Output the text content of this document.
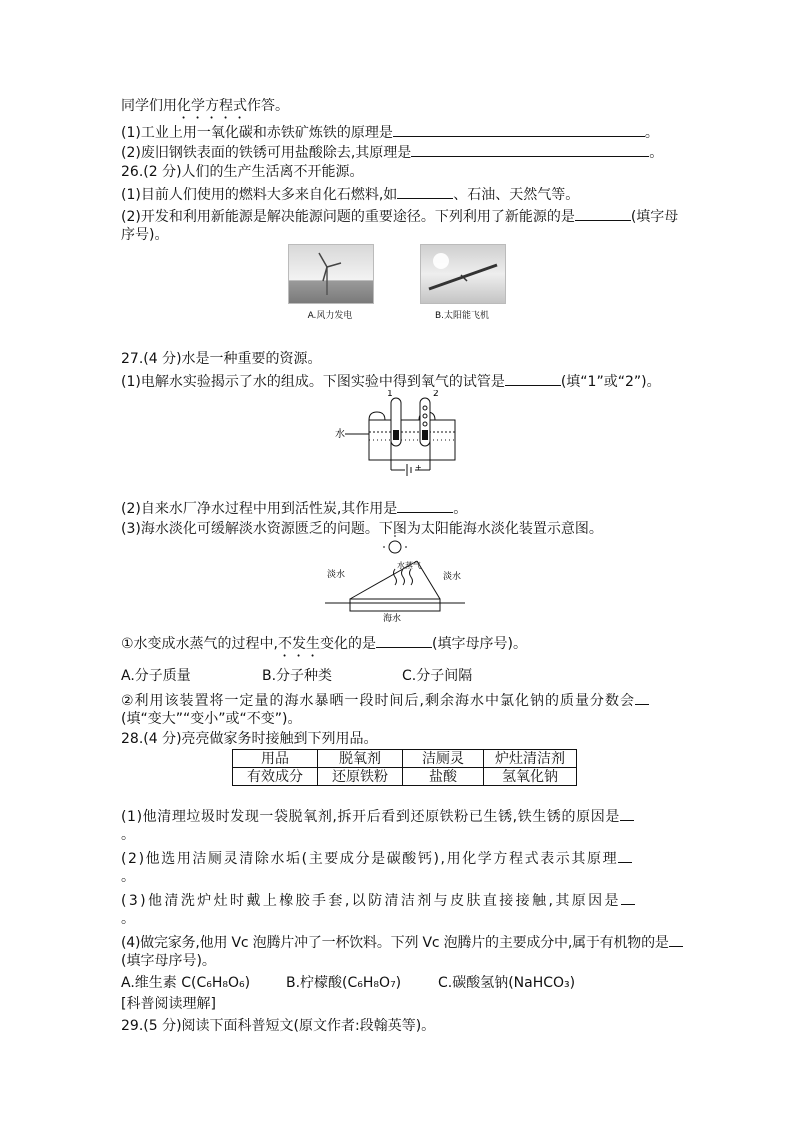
同学们用化学方程式作答。
(1)工业上用一氧化碳和赤铁矿炼铁的原理是	。
(2)废旧钢铁表面的铁锈可用盐酸除去,其原理是	。
26.(2 分)人们的生产生活离不开能源。
(1)目前人们使用的燃料大多来自化石燃料,如	、石油、天然气等。
(2)开发和利用新能源是解决能源问题的重要途径。下列利用了新能源的是	(填字母
序号)。
A.风力发电	B.太阳能飞机
27.(4 分)水是一种重要的资源。
(1)电解水实验揭示了水的组成。下图实验中得到氧气的试管是	(填“1”或“2”)。
1	2
水
+
(2)自来水厂净水过程中用到活性炭,其作用是	。
(3)海水淡化可缓解淡水资源匮乏的问题。下图为太阳能海水淡化装置示意图。
淡水
水蒸气
淡水
海水
①水变成水蒸气的过程中,不发生变化的是	(填字母序号)。
A.分子质量	B.分子种类	C.分子间隔
②利用该装置将一定量的海水暴晒一段时间后,剩余海水中氯化钠的质量分数会
(填“变大”“变小”或“不变”)。
28.(4 分)亮亮做家务时接触到下列用品。
用品	脱氧剂	洁厕灵	炉灶清洁剂
有效成分	还原铁粉	盐酸	氢氧化钠
(1)他清理垃圾时发现一袋脱氧剂,拆开后看到还原铁粉已生锈,铁生锈的原因是
。
(2)他选用洁厕灵清除水垢(主要成分是碳酸钙),用化学方程式表示其原理
。
(3)他清洗炉灶时戴上橡胶手套,以防清洁剂与皮肤直接接触,其原因是
。
(4)做完家务,他用 Vc 泡腾片冲了一杯饮料。下列 Vc 泡腾片的主要成分中,属于有机物的是
(填字母序号)。
A.维生素 C(C₆H₈O₆)	B.柠檬酸(C₆H₈O₇)	C.碳酸氢钠(NaHCO₃)
[科普阅读理解]
29.(5 分)阅读下面科普短文(原文作者:段翰英等)。
